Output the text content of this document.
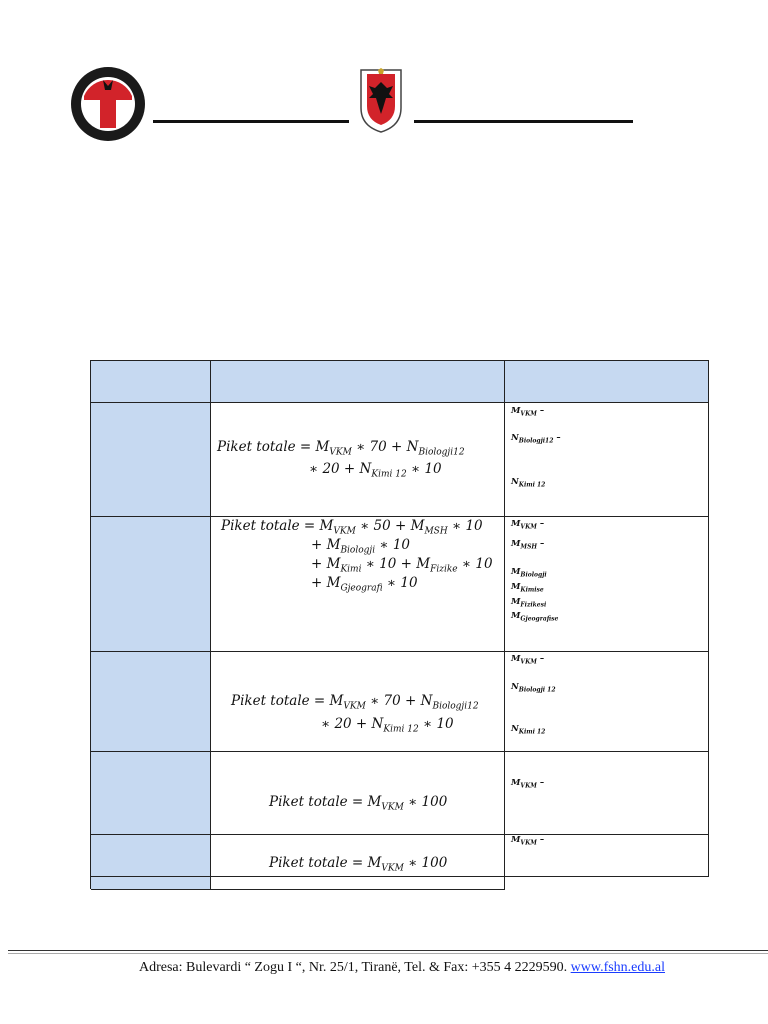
Piket totale = $M_{VKM}$ ∗ $70 + N_{Biologji12}$
∗ $20 + N_{Kimi 12}$ ∗ 10
$M_{VKM}$ –
$N_{Biologji12}$ –
$N_{Kimi 12}$
Piket totale = $M_{VKM}$ ∗ $50 + M_{MSH}$ ∗ 10
+ $M_{Biologji}$ ∗ 10
+ $M_{Kimi}$ ∗ $10 + M_{Fizike}$ ∗ 10
+ $M_{Gjeografi}$ ∗ 10
$M_{VKM}$ –
$M_{MSH}$ –
$M_{Biologji}$
$M_{Kimise}$
$M_{Fizikesi}$
$M_{Gjeografise}$
Piket totale = $M_{VKM}$ ∗ $70 + N_{Biologji12}$
∗ $20 + N_{Kimi 12}$ ∗ 10
$M_{VKM}$ –
$N_{Biologji 12}$
$N_{Kimi 12}$
Piket totale = $M_{VKM}$ ∗ 100
$M_{VKM}$ –
Piket totale = $M_{VKM}$ ∗ 100
$M_{VKM}$ –
Adresa: Bulevardi “ Zogu I “, Nr. 25/1, Tiranë, Tel. & Fax: +355 4 2229590. www.fshn.edu.al
